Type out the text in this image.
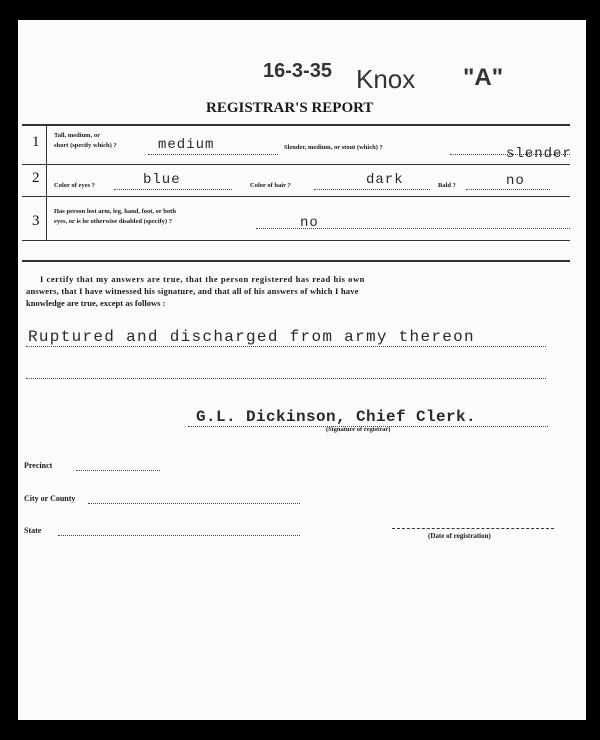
16-3-35 Knox "A"
REGISTRAR'S REPORT
1 Tall, medium, or
short (specify which) ?	medium	Slender, medium, or stout (which) ?	slender
2 Color of eyes ?	blue	Color of hair ?	dark	Bald ?	no
3
Has person lost arm, leg, hand, foot, or both
eyes, or is he otherwise disabled (specify) ?	no
I certify that my answers are true, that the person registered has read his own
answers, that I have witnessed his signature, and that all of his answers of which I have
knowledge are true, except as follows :
Ruptured and discharged from army thereon
G.L. Dickinson, Chief Clerk.
(Signature of registrar)
Precinct
City or County
State
(Date of registration)
